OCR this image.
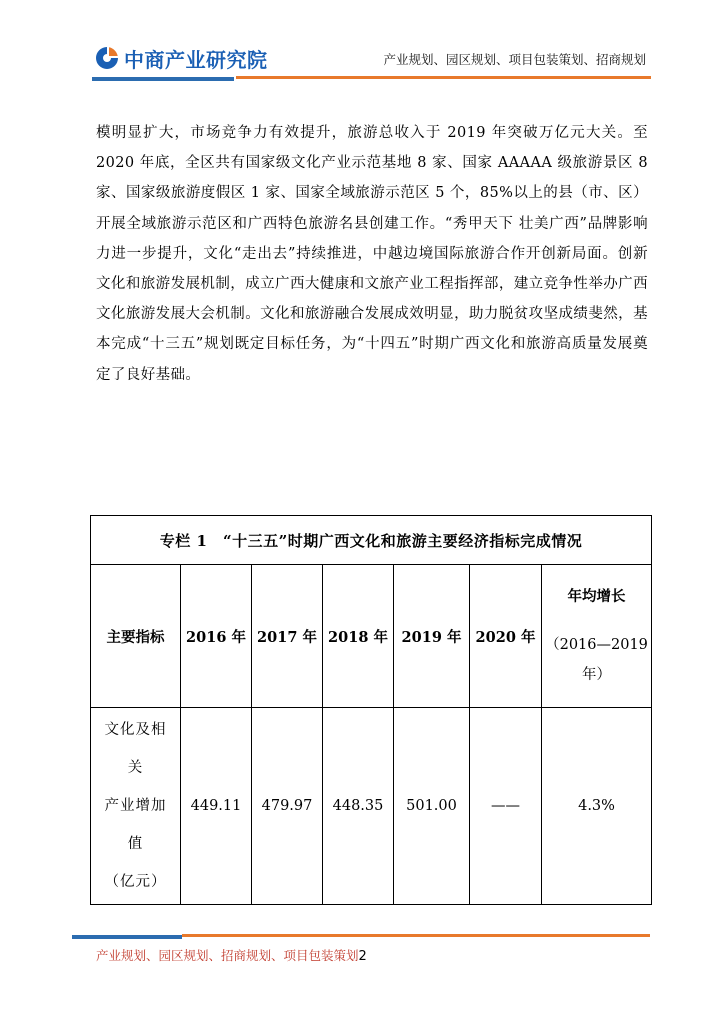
中商产业研究院	产业规划、园区规划、项目包装策划、招商规划

模明显扩大，市场竞争力有效提升，旅游总收入于 2019 年突破万亿元大关。至 2020 年底，全区共有国家级文化产业示范基地 8 家、国家 AAAAA 级旅游景区 8 家、国家级旅游度假区 1 家、国家全域旅游示范区 5 个，85%以上的县（市、区）开展全域旅游示范区和广西特色旅游名县创建工作。“秀甲天下 壮美广西”品牌影响力进一步提升，文化“走出去”持续推进，中越边境国际旅游合作开创新局面。创新文化和旅游发展机制，成立广西大健康和文旅产业工程指挥部，建立竞争性举办广西文化旅游发展大会机制。文化和旅游融合发展成效明显，助力脱贫攻坚成绩斐然，基本完成“十三五”规划既定目标任务，为“十四五”时期广西文化和旅游高质量发展奠定了良好基础。

专栏 1　“十三五”时期广西文化和旅游主要经济指标完成情况						
主要指标	2016 年	2017 年	2018 年	2019 年	2020 年	年均增长
（2016—2019
年）

文化及相
关
产业增加
值
（亿元）	449.11	479.97	448.35	501.00	——	4.3%
产业规划、园区规划、招商规划、项目包装策划2
